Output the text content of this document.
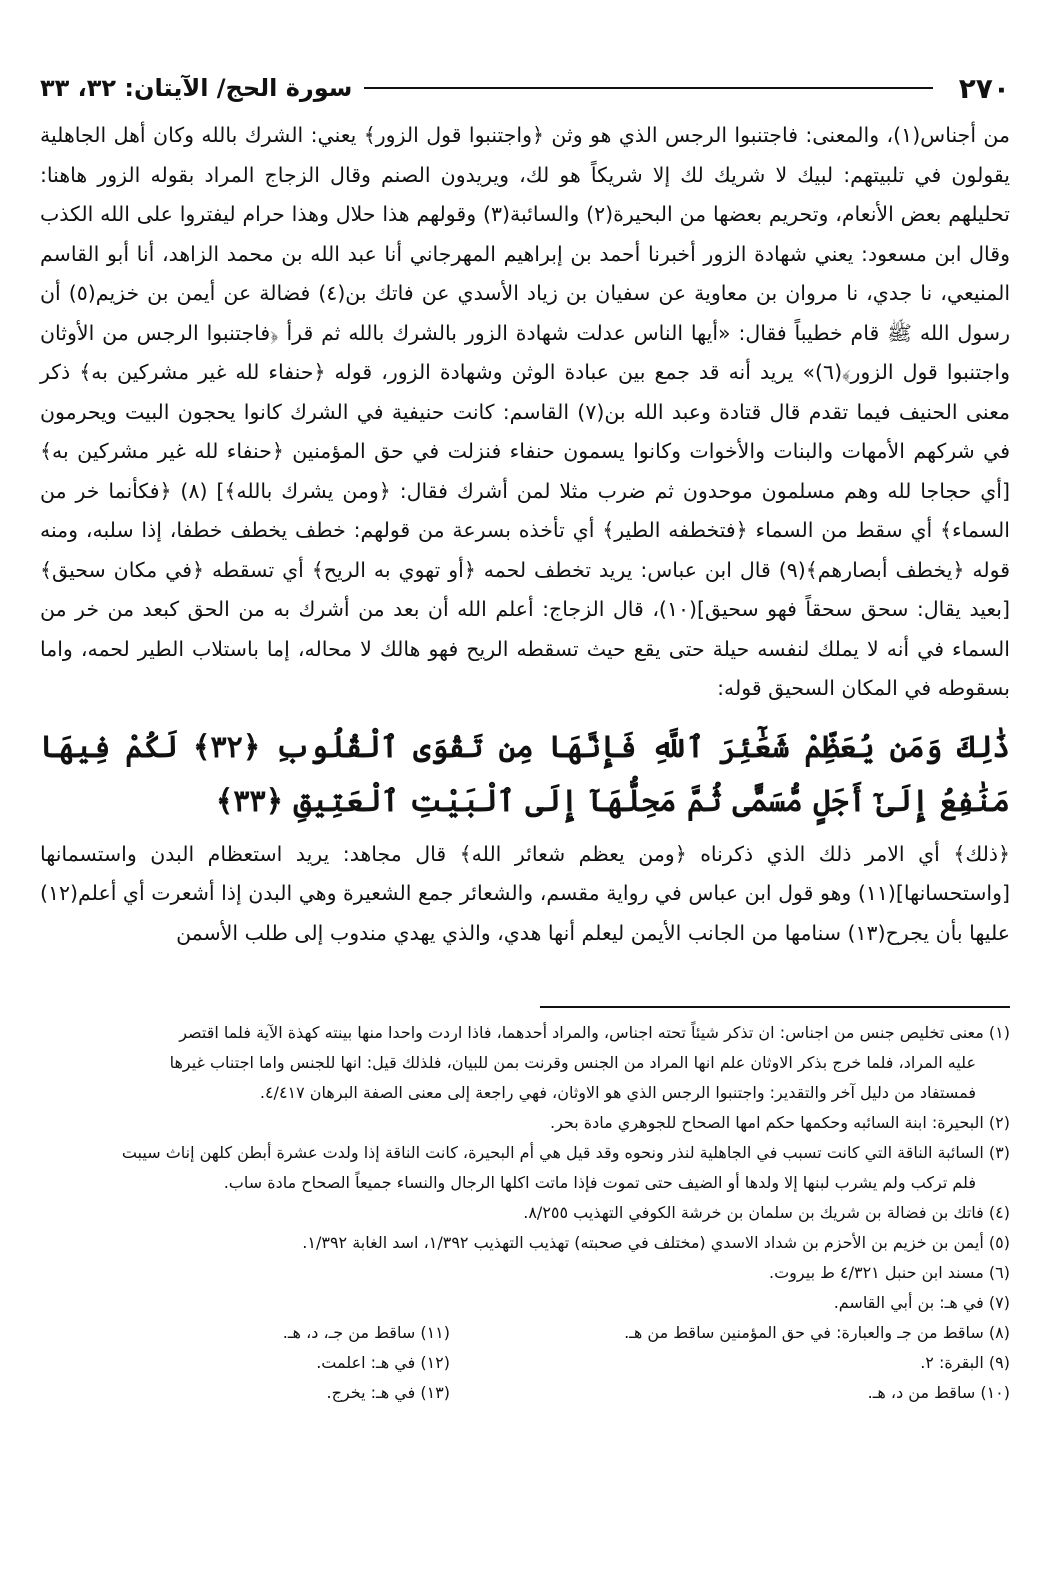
٢٧٠
سورة الحج/ الآيتان: ٣٢، ٣٣

من أجناس(١)، والمعنى: فاجتنبوا الرجس الذي هو وثن ﴿واجتنبوا قول الزور﴾ يعني: الشرك بالله وكان أهل الجاهلية يقولون في تلبيتهم: لبيك لا شريك لك إلا شريكاً هو لك، ويريدون الصنم وقال الزجاج المراد بقوله الزور هاهنا: تحليلهم بعض الأنعام، وتحريم بعضها من البحيرة(٢) والسائبة(٣) وقولهم هذا حلال وهذا حرام ليفتروا على الله الكذب وقال ابن مسعود: يعني شهادة الزور أخبرنا أحمد بن إبراهيم المهرجاني أنا عبد الله بن محمد الزاهد، أنا أبو القاسم المنيعي، نا جدي، نا مروان بن معاوية عن سفيان بن زياد الأسدي عن فاتك بن(٤) فضالة عن أيمن بن خزيم(٥) أن رسول الله ﷺ قام خطيباً فقال: «أيها الناس عدلت شهادة الزور بالشرك بالله ثم قرأ ﴿فاجتنبوا الرجس من الأوثان واجتنبوا قول الزور﴾(٦)» يريد أنه قد جمع بين عبادة الوثن وشهادة الزور، قوله ﴿حنفاء لله غير مشركين به﴾ ذكر معنى الحنيف فيما تقدم قال قتادة وعبد الله بن(٧) القاسم: كانت حنيفية في الشرك كانوا يحجون البيت ويحرمون في شركهم الأمهات والبنات والأخوات وكانوا يسمون حنفاء فنزلت في حق المؤمنين ﴿حنفاء لله غير مشركين به﴾ [أي حجاجا لله وهم مسلمون موحدون ثم ضرب مثلا لمن أشرك فقال: ﴿ومن يشرك بالله﴾] (٨) ﴿فكأنما خر من السماء﴾ أي سقط من السماء ﴿فتخطفه الطير﴾ أي تأخذه بسرعة من قولهم: خطف يخطف خطفا، إذا سلبه، ومنه قوله ﴿يخطف أبصارهم﴾(٩) قال ابن عباس: يريد تخطف لحمه ﴿أو تهوي به الريح﴾ أي تسقطه ﴿في مكان سحيق﴾ [بعيد يقال: سحق سحقاً فهو سحيق](١٠)، قال الزجاج: أعلم الله أن بعد من أشرك به من الحق كبعد من خر من السماء في أنه لا يملك لنفسه حيلة حتى يقع حيث تسقطه الريح فهو هالك لا محاله، إما باستلاب الطير لحمه، واما بسقوطه في المكان السحيق قوله:

ذَٰلِكَ وَمَن يُعَظِّمْ شَعَٰٓئِرَ ٱللَّهِ فَإِنَّهَا مِن تَقْوَى ٱلْقُلُوبِ ﴿٣٢﴾ لَكُمْ فِيهَا مَنَٰفِعُ إِلَىٰٓ أَجَلٍ مُّسَمًّى ثُمَّ مَحِلُّهَآ إِلَى ٱلْبَيْتِ ٱلْعَتِيقِ ﴿٣٣﴾

﴿ذلك﴾ أي الامر ذلك الذي ذكرناه ﴿ومن يعظم شعائر الله﴾ قال مجاهد: يريد استعظام البدن واستسمانها [واستحسانها](١١) وهو قول ابن عباس في رواية مقسم، والشعائر جمع الشعيرة وهي البدن إذا أشعرت أي أعلم(١٢) عليها بأن يجرح(١٣) سنامها من الجانب الأيمن ليعلم أنها هدي، والذي يهدي مندوب إلى طلب الأسمن

(١) معنى تخليص جنس من اجناس: ان تذكر شيئاً تحته اجناس، والمراد أحدهما، فاذا اردت واحدا منها بينته كهذة الآية فلما اقتصر

عليه المراد، فلما خرج بذكر الاوثان علم انها المراد من الجنس وقرنت بمن للبيان، فلذلك قيل: انها للجنس واما اجتناب غيرها

فمستفاد من دليل آخر والتقدير: واجتنبوا الرجس الذي هو الاوثان، فهي راجعة إلى معنى الصفة البرهان ٤/٤١٧.

(٢) البحيرة: ابنة السائبه وحكمها حكم امها الصحاح للجوهري مادة بحر.

(٣) السائبة الناقة التي كانت تسبب في الجاهلية لنذر ونحوه وقد قيل هي أم البحيرة، كانت الناقة إذا ولدت عشرة أبطن كلهن إناث سيبت

فلم تركب ولم يشرب لبنها إلا ولدها أو الضيف حتى تموت فإذا ماتت اكلها الرجال والنساء جميعاً الصحاح مادة ساب.

(٤) فاتك بن فضالة بن شريك بن سلمان بن خرشة الكوفي التهذيب ٨/٢٥٥.

(٥) أيمن بن خزيم بن الأحزم بن شداد الاسدي (مختلف في صحبته) تهذيب التهذيب ١/٣٩٢، اسد الغابة ١/٣٩٢.

(٦) مسند ابن حنبل ٤/٣٢١ ط بيروت.

(٧) في هـ: بن أبي القاسم.

(٨) ساقط من جـ والعبارة: في حق المؤمنين ساقط من هـ.

(٩) البقرة: ٢.

(١٠) ساقط من د، هـ.

(١١) ساقط من جـ، د، هـ.

(١٢) في هـ: اعلمت.

(١٣) في هـ: يخرج.
